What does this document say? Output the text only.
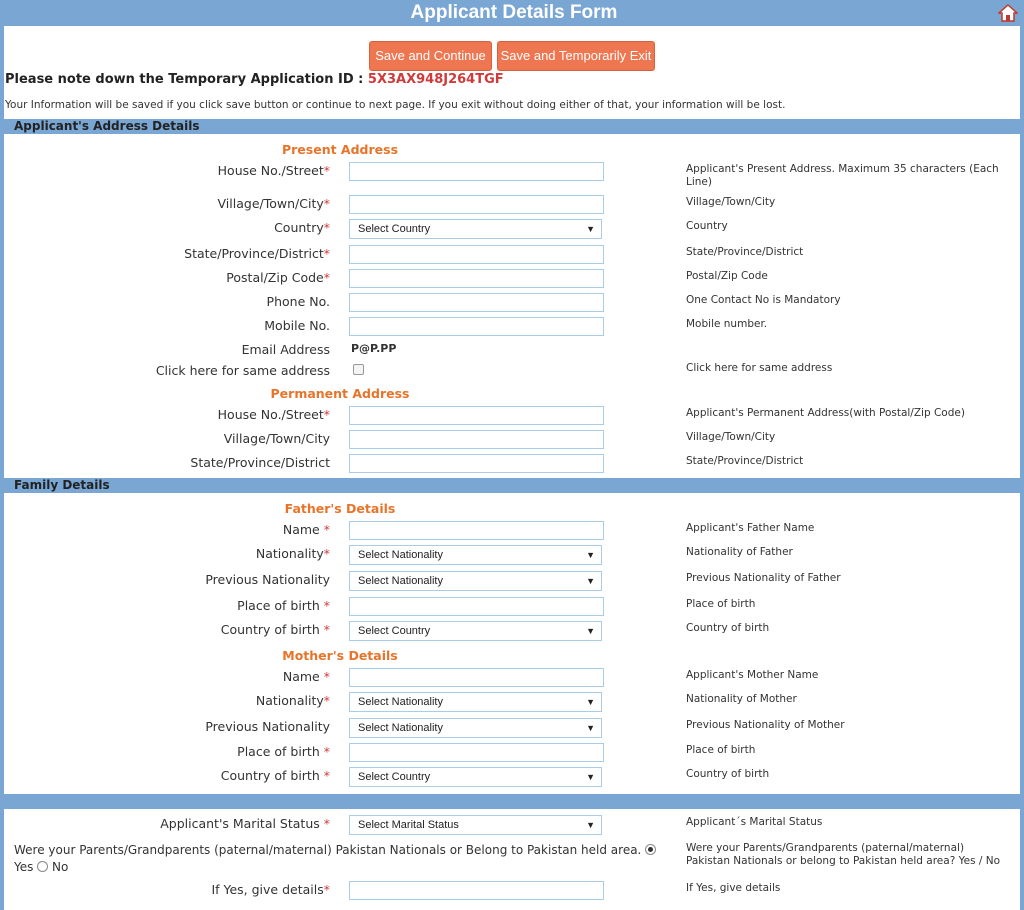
Applicant Details Form
Save and Continue	Save and Temporarily Exit
Please note down the Temporary Application ID : 5X3AX948J264TGF
Your Information will be saved if you click save button or continue to next page. If you exit without doing either of that, your information will be lost.
Applicant's Address Details
Present Address
House No./Street*	Applicant's Present Address. Maximum 35 characters (Each Line)
Village/Town/City*	Village/Town/City
Country*	Select Country	▼	Country
State/Province/District*	State/Province/District
Postal/Zip Code*	Postal/Zip Code
Phone No.	One Contact No is Mandatory
Mobile No.	Mobile number.
Email Address P@P.PP
Click here for same address	Click here for same address
Permanent Address
House No./Street*	Applicant's Permanent Address(with Postal/Zip Code)
Village/Town/City	Village/Town/City
State/Province/District	State/Province/District
Family Details
Father's Details
Name *	Applicant's Father Name
Nationality*	Select Nationality	▼	Nationality of Father
Previous Nationality	Select Nationality	▼	Previous Nationality of Father
Place of birth *	Place of birth
Country of birth *	Select Country	▼	Country of birth
Mother's Details
Name *	Applicant's Mother Name
Nationality*	Select Nationality	▼	Nationality of Mother
Previous Nationality	Select Nationality	▼	Previous Nationality of Mother
Place of birth *	Place of birth
Country of birth *	Select Country	▼	Country of birth
Applicant's Marital Status *	Select Marital Status	▼	Applicant´s Marital Status
Were your Parents/Grandparents (paternal/maternal) Pakistan Nationals or Belong to Pakistan held area.
Yes No
Were your Parents/Grandparents (paternal/maternal) Pakistan Nationals or belong to Pakistan held area? Yes / No
If Yes, give details*	If Yes, give details
